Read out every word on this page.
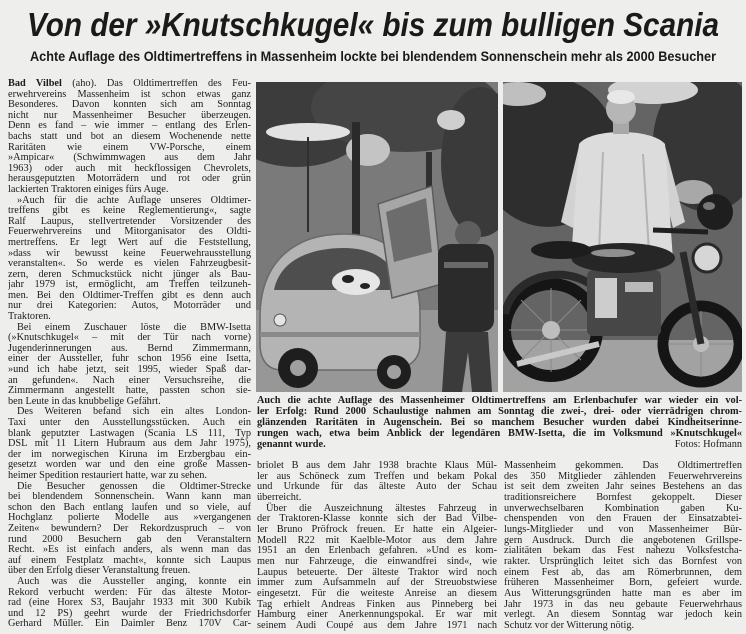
Von der »Knutschkugel« bis zum bulligen Scania
Achte Auflage des Oldtimertreffens in Massenheim lockte bei blendendem Sonnenschein mehr als 2000 Besucher
Bad Vilbel (aho). Das Oldtimertreffen des Feu-
erwehrvereins Massenheim ist schon etwas ganz
Besonderes. Davon konnten sich am Sonntag
nicht nur Massenheimer Besucher überzeugen.
Denn es fand – wie immer – entlang des Erlen-
bachs statt und bot an diesem Wochenende nette
Raritäten wie einem VW-Porsche, einem
»Ampicar« (Schwimmwagen aus dem Jahr
1963) oder auch mit heckflossigen Chevrolets,
herausgeputzten Motorrädern und rot oder grün
lackierten Traktoren einiges fürs Auge.
»Auch für die achte Auflage unseres Oldtimer-
treffens gibt es keine Reglementierung«, sagte
Ralf Laupus, stellvertretender Vorsitzender des
Feuerwehrvereins und Mitorganisator des Oldti-
mertreffens. Er legt Wert auf die Feststellung,
»dass wir bewusst keine Feuerwehrausstellung
veranstalten«. So werde es vielen Fahrzeugbesit-
zern, deren Schmuckstück nicht jünger als Bau-
jahr 1979 ist, ermöglicht, am Treffen teilzuneh-
men. Bei den Oldtimer-Treffen gibt es denn auch
nur drei Kategorien: Autos, Motorräder und
Traktoren.
Bei einem Zuschauer löste die BMW-Isetta
(»Knutschkugel« – mit der Tür nach vorne)
Jugenderinnerungen aus. Bernd Zimmermann,
einer der Aussteller, fuhr schon 1956 eine Isetta,
»und ich habe jetzt, seit 1995, wieder Spaß dar-
an gefunden«. Nach einer Versuchsreihe, die
Zimmermann angestellt hatte, passten schon sie-
ben Leute in das knubbelige Gefährt.
Des Weiteren befand sich ein altes London-
Taxi unter den Ausstellungsstücken. Auch ein
blank geputzter Lastwagen (Scania LS 111, Typ
DSL mit 11 Litern Hubraum aus dem Jahr 1975),
der im norwegischen Kiruna im Erzbergbau ein-
gesetzt worden war und den eine große Massen-
heimer Spedition restauriert hatte, war zu sehen.
Die Besucher genossen die Oldtimer-Strecke
bei blendendem Sonnenschein. Wann kann man
schon den Bach entlang laufen und so viele, auf
Hochglanz polierte Modelle aus »vergangenen
Zeiten« bewundern? Der Rekordzuspruch – von
rund 2000 Besuchern gab den Veranstaltern
Recht. »Es ist einfach anders, als wenn man das
auf einem Festplatz macht«, konnte sich Laupus
über den Erfolg dieser Veranstaltung freuen.
Auch was die Aussteller anging, konnte ein
Rekord verbucht werden: Für das älteste Motor-
rad (eine Horex S3, Baujahr 1933 mit 300 Kubik
und 12 PS) geehrt wurde der Friedrichsdorfer
Gerhard Müller. Ein Daimler Benz 170V Car-
Auch die achte Auflage des Massenheimer Oldtimertreffens am Erlenbachufer war wieder ein vol-
ler Erfolg: Rund 2000 Schaulustige nahmen am Sonntag die zwei-, drei- oder vierrädrigen chrom-
glänzenden Raritäten in Augenschein. Bei so manchem Besucher wurden dabei Kindheitserinne-
rungen wach, etwa beim Anblick der legendären BMW-Isetta, die im Volksmund »Knutschkugel«
genannt wurde.	Fotos: Hofmann
briolet B aus dem Jahr 1938 brachte Klaus Mül-
ler aus Schöneck zum Treffen und bekam Pokal
und Urkunde für das älteste Auto der Schau
überreicht.
Über die Auszeichnung ältestes Fahrzeug in
der Traktoren-Klasse konnte sich der Bad Vilbe-
ler Bruno Pröfrock freuen. Er hatte ein Algeier-
Modell R22 mit Kaelble-Motor aus dem Jahre
1951 an den Erlenbach gefahren. »Und es kom-
men nur Fahrzeuge, die einwandfrei sind«, wie
Laupus beteuerte. Der älteste Traktor wird noch
immer zum Aufsammeln auf der Streuobstwiese
eingesetzt. Für die weiteste Anreise an diesem
Tag erhielt Andreas Finken aus Pinneberg bei
Hamburg einer Anerkennungspokal. Er war mit
seinem Audi Coupé aus dem Jahre 1971 nach
Massenheim gekommen. Das Oldtimertreffen
des 350 Mitglieder zählenden Feuerwehrvereins
ist seit dem zweiten Jahr seines Bestehens an das
traditionsreichere Bornfest gekoppelt. Dieser
unverwechselbaren Kombination gaben Ku-
chenspenden von den Frauen der Einsatzabtei-
lungs-Mitglieder und von Massenheimer Bür-
gern Ausdruck. Durch die angebotenen Grillspe-
zialitäten bekam das Fest nahezu Volksfestcha-
rakter. Ursprünglich leitet sich das Bornfest von
einem Fest ab, das am Römerbrunnen, dem
früheren Massenheimer Born, gefeiert wurde.
Aus Witterungsgründen hatte man es aber im
Jahr 1973 in das neu gebaute Feuerwehrhaus
verlegt. An diesem Sonntag war jedoch kein
Schutz vor der Witterung nötig.
